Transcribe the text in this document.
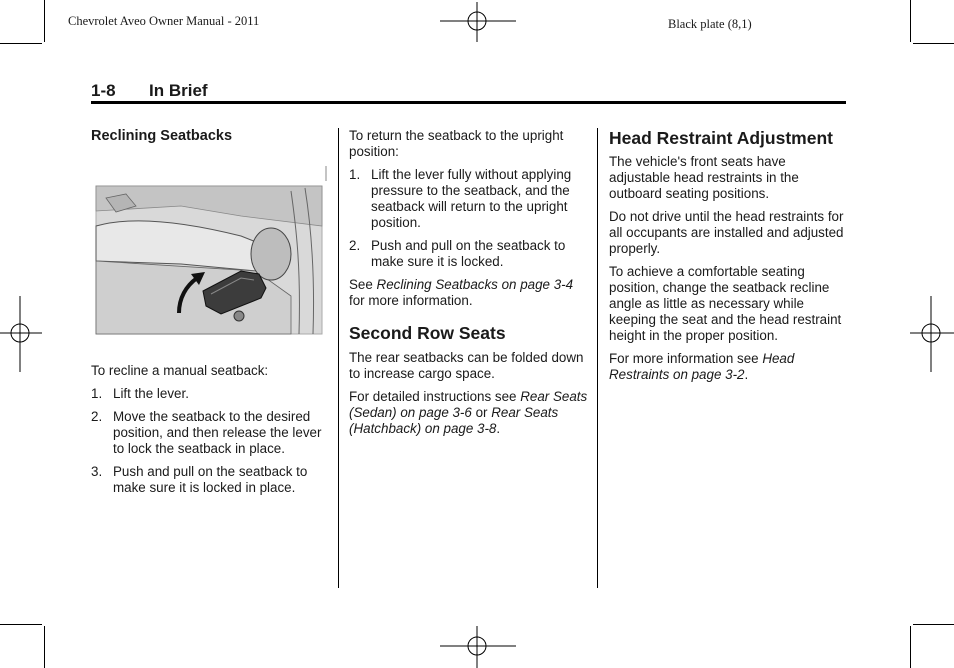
Chevrolet Aveo Owner Manual - 2011	Black plate (8,1)
1-8 In Brief
Reclining Seatbacks

To recline a manual seatback:

1. Lift the lever.
2. Move the seatback to the desired position, and then release the lever to lock the seatback in place.
3. Push and pull on the seatback to make sure it is locked in place.

To return the seatback to the upright position:

1. Lift the lever fully without applying pressure to the seatback, and the seatback will return to the upright position.
2. Push and pull on the seatback to make sure it is locked.

See Reclining Seatbacks on page 3-4 for more information.

Second Row Seats

The rear seatbacks can be folded down to increase cargo space.

For detailed instructions see Rear Seats (Sedan) on page 3-6 or Rear Seats (Hatchback) on page 3-8.

Head Restraint Adjustment

The vehicle's front seats have adjustable head restraints in the outboard seating positions.

Do not drive until the head restraints for all occupants are installed and adjusted properly.

To achieve a comfortable seating position, change the seatback recline angle as little as necessary while keeping the seat and the head restraint height in the proper position.

For more information see Head Restraints on page 3-2.
